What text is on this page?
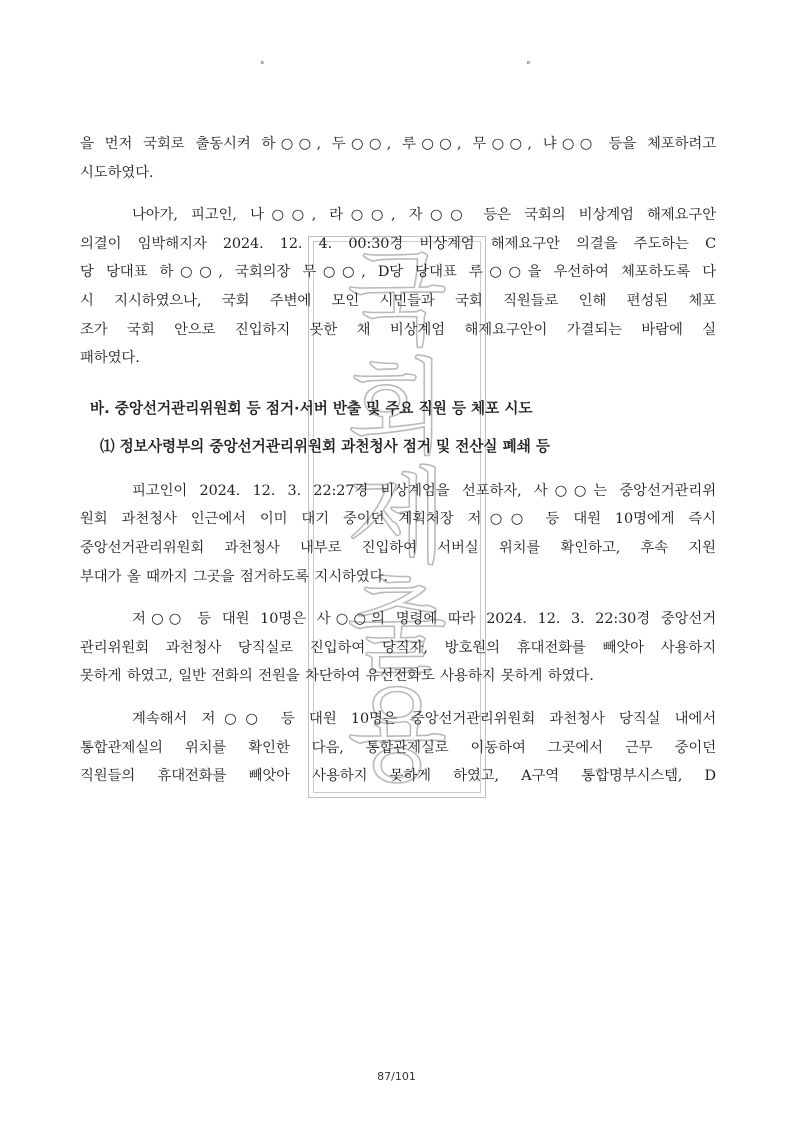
°	°
국
회
제
출
용

을 먼저 국회로 출동시켜 하○○, 두○○, 루○○, 무○○, 냐○○ 등을 체포하려고
시도하였다.

나아가, 피고인, 나○○, 라○○, 자○○ 등은 국회의 비상계엄 해제요구안
의결이 임박해지자 2024. 12. 4. 00:30경 비상계엄 해제요구안 의결을 주도하는 C
당 당대표 하○○, 국회의장 무○○, D당 당대표 루○○을 우선하여 체포하도록 다
시 지시하였으나, 국회 주변에 모인 시민들과 국회 직원들로 인해 편성된 체포
조가 국회 안으로 진입하지 못한 채 비상계엄 해제요구안이 가결되는 바람에 실
패하였다.

바. 중앙선거관리위원회 등 점거·서버 반출 및 주요 직원 등 체포 시도

⑴ 정보사령부의 중앙선거관리위원회 과천청사 점거 및 전산실 폐쇄 등

피고인이 2024. 12. 3. 22:27경 비상계엄을 선포하자, 사○○는 중앙선거관리위
원회 과천청사 인근에서 이미 대기 중이던 계획처장 저○○ 등 대원 10명에게 즉시
중앙선거관리위원회 과천청사 내부로 진입하여 서버실 위치를 확인하고, 후속 지원
부대가 올 때까지 그곳을 점거하도록 지시하였다.

저○○ 등 대원 10명은 사○○의 명령에 따라 2024. 12. 3. 22:30경 중앙선거
관리위원회 과천청사 당직실로 진입하여 당직자, 방호원의 휴대전화를 빼앗아 사용하지
못하게 하였고, 일반 전화의 전원을 차단하여 유선전화도 사용하지 못하게 하였다.

계속해서 저○○ 등 대원 10명은 중앙선거관리위원회 과천청사 당직실 내에서
통합관제실의 위치를 확인한 다음, 통합관제실로 이동하여 그곳에서 근무 중이던
직원들의 휴대전화를 빼앗아 사용하지 못하게 하였고, A구역 통합명부시스템, D

87/101
